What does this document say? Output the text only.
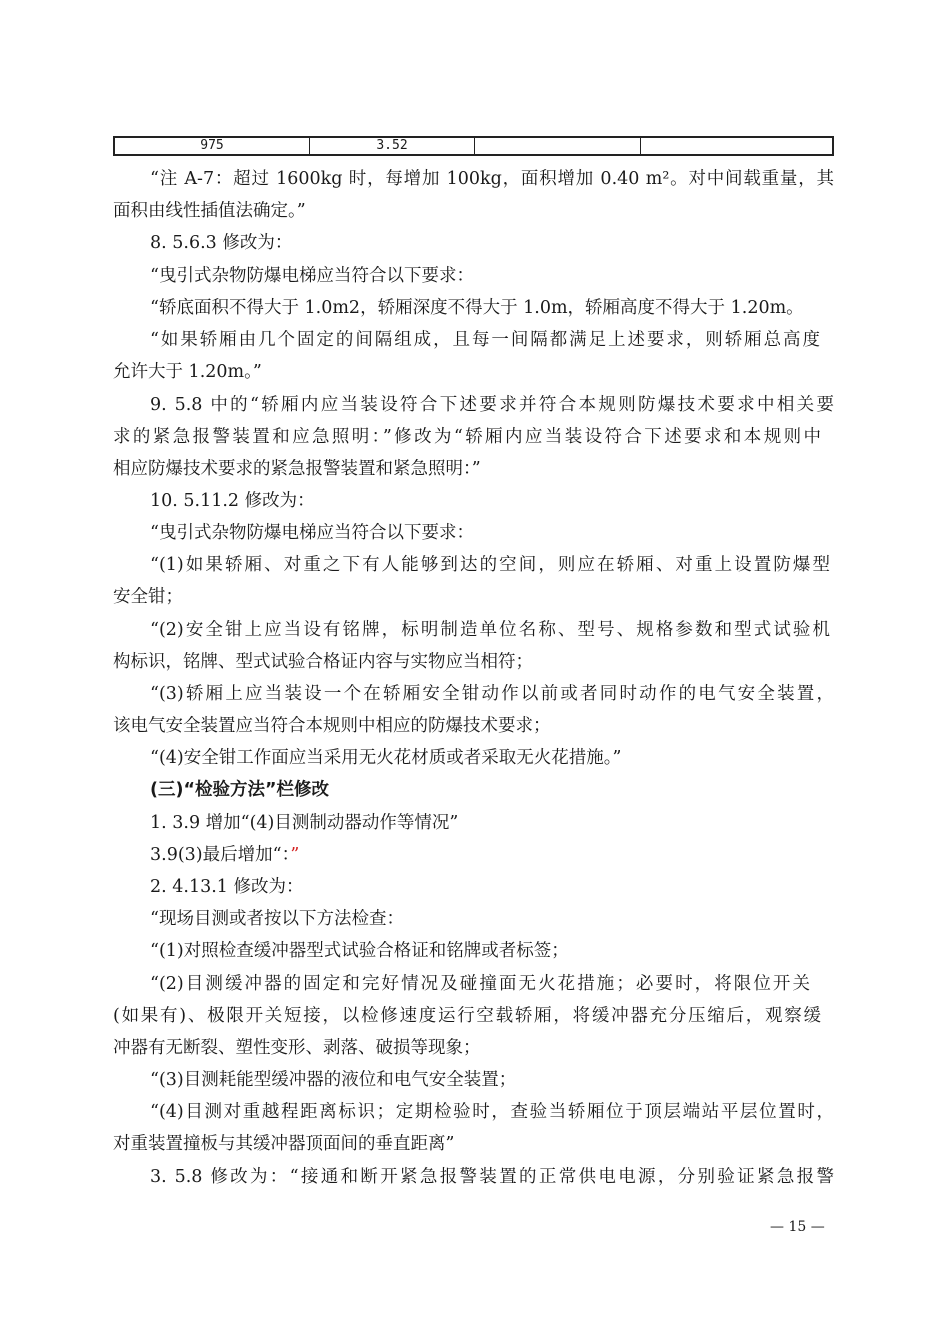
975	3.52
“注 A-7：超过 1600kg 时，每增加 100kg，面积增加 0.40 m²。对中间载重量，其
面积由线性插值法确定。”
8. 5.6.3 修改为：
“曳引式杂物防爆电梯应当符合以下要求：
“轿底面积不得大于 1.0m2，轿厢深度不得大于 1.0m，轿厢高度不得大于 1.20m。
“如果轿厢由几个固定的间隔组成，且每一间隔都满足上述要求，则轿厢总高度
允许大于 1.20m。”
9. 5.8 中的“轿厢内应当装设符合下述要求并符合本规则防爆技术要求中相关要
求的紧急报警装置和应急照明：”修改为“轿厢内应当装设符合下述要求和本规则中
相应防爆技术要求的紧急报警装置和紧急照明：”
10. 5.11.2 修改为：
“曳引式杂物防爆电梯应当符合以下要求：
“(1)如果轿厢、对重之下有人能够到达的空间，则应在轿厢、对重上设置防爆型
安全钳；
“(2)安全钳上应当设有铭牌，标明制造单位名称、型号、规格参数和型式试验机
构标识，铭牌、型式试验合格证内容与实物应当相符；
“(3)轿厢上应当装设一个在轿厢安全钳动作以前或者同时动作的电气安全装置，
该电气安全装置应当符合本规则中相应的防爆技术要求；
“(4)安全钳工作面应当采用无火花材质或者采取无火花措施。”
(三)“检验方法”栏修改
1. 3.9 增加“(4)目测制动器动作等情况”
3.9(3)最后增加“：”
2. 4.13.1 修改为：
“现场目测或者按以下方法检查：
“(1)对照检查缓冲器型式试验合格证和铭牌或者标签；
“(2)目测缓冲器的固定和完好情况及碰撞面无火花措施；必要时，将限位开关
(如果有)、极限开关短接，以检修速度运行空载轿厢，将缓冲器充分压缩后，观察缓
冲器有无断裂、塑性变形、剥落、破损等现象；
“(3)目测耗能型缓冲器的液位和电气安全装置；
“(4)目测对重越程距离标识；定期检验时，查验当轿厢位于顶层端站平层位置时，
对重装置撞板与其缓冲器顶面间的垂直距离”
3. 5.8 修改为：“接通和断开紧急报警装置的正常供电电源，分别验证紧急报警
— 15 —
